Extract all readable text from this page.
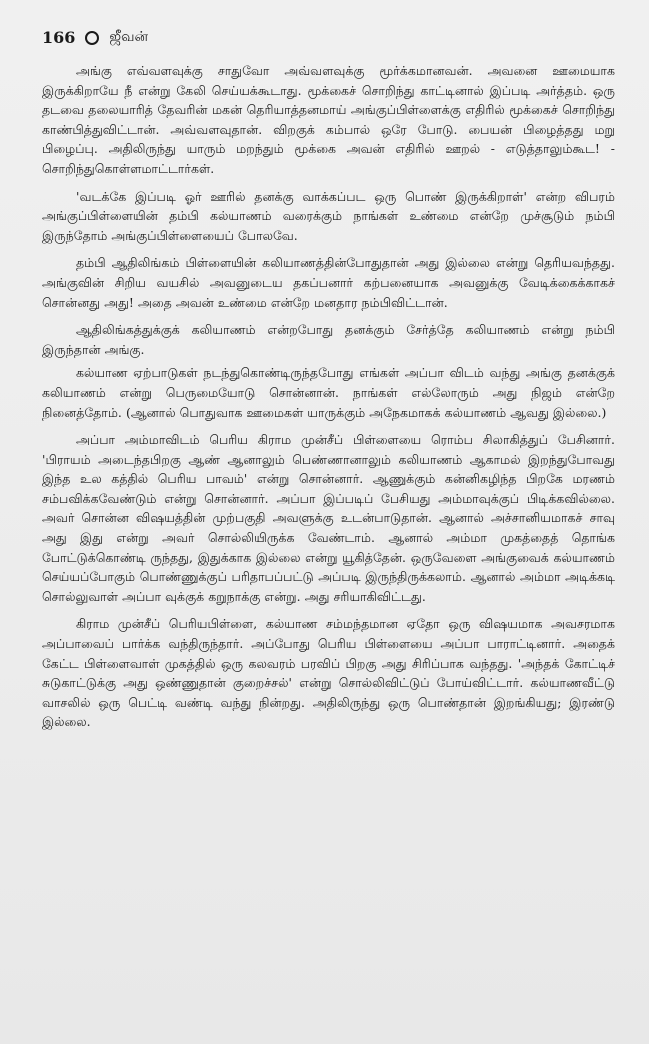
166 ஜீவன்

அங்கு எவ்வளவுக்கு சாதுவோ அவ்வளவுக்கு மூர்க்கமானவன். அவனை ஊமையாக இருக்கிறாயே நீ என்று கேலி செய்யக்கூடாது. மூக்கைச் சொறிந்து காட்டினால் இப்படி அர்த்தம். ஒரு தடவை தலையாரித் தேவரின் மகன் தெரியாத்தனமாய் அங்குப்பிள்ளைக்கு எதிரில் மூக்கைச் சொறிந்து காண்பித்துவிட்டான். அவ்வளவுதான். விறகுக் கம்பால் ஒரே போடு. பையன் பிழைத்தது மறு பிழைப்பு. அதிலிருந்து யாரும் மறந்தும் மூக்கை அவன் எதிரில் ஊறல் - எடுத்தாலும்கூட! - சொறிந்துகொள்ளமாட்டார்கள்.

'வடக்கே இப்படி ஓர் ஊரில் தனக்கு வாக்கப்பட ஒரு பொண் இருக்கிறாள்' என்ற விபரம் அங்குப்பிள்ளையின் தம்பி கல்யாணம் வரைக்கும் நாங்கள் உண்மை என்றே முச்சூடும் நம்பி இருந்தோம் அங்குப்பிள்ளையைப் போலவே.

தம்பி ஆதிலிங்கம் பிள்ளையின் கலியாணத்தின்போதுதான் அது இல்லை என்று தெரியவந்தது. அங்குவின் சிறிய வயசில் அவனுடைய தகப்பனார் கற்பனையாக அவனுக்கு வேடிக்கைக்காகச் சொன்னது அது! அதை அவன் உண்மை என்றே மனதார நம்பிவிட்டான்.

ஆதிலிங்கத்துக்குக் கலியாணம் என்றபோது தனக்கும் சேர்த்தே கலியாணம் என்று நம்பி இருந்தான் அங்கு.

கல்யாண ஏற்பாடுகள் நடந்துகொண்டிருந்தபோது எங்கள் அப்பா விடம் வந்து அங்கு தனக்குக் கலியாணம் என்று பெருமையோடு சொன்னான். நாங்கள் எல்லோரும் அது நிஜம் என்றே நினைத்தோம். (ஆனால் பொதுவாக ஊமைகள் யாருக்கும் அநேகமாகக் கல்யாணம் ஆவது இல்லை.)

அப்பா அம்மாவிடம் பெரிய கிராம முன்சீப் பிள்ளையை ரொம்ப சிலாகித்துப் பேசினார். 'பிராயம் அடைந்தபிறகு ஆண் ஆனாலும் பெண்ணானாலும் கலியாணம் ஆகாமல் இறந்துபோவது இந்த உல கத்தில் பெரிய பாவம்' என்று சொன்னார். ஆணுக்கும் கன்னிகழிந்த பிறகே மரணம் சம்பவிக்கவேண்டும் என்று சொன்னார். அப்பா இப்படிப் பேசியது அம்மாவுக்குப் பிடிக்கவில்லை. அவர் சொன்ன விஷயத்தின் முற்பகுதி அவளுக்கு உடன்பாடுதான். ஆனால் அச்சானியமாகச் சாவு அது இது என்று அவர் சொல்லியிருக்க வேண்டாம். ஆனால் அம்மா முகத்தைத் தொங்க போட்டுக்கொண்டி ருந்தது, இதுக்காக இல்லை என்று யூகித்தேன். ஒருவேளை அங்குவைக் கல்யாணம் செய்யப்போகும் பொண்ணுக்குப் பரிதாபப்பட்டு அப்படி இருந்திருக்கலாம். ஆனால் அம்மா அடிக்கடி சொல்லுவாள் அப்பா வுக்குக் கறுநாக்கு என்று. அது சரியாகிவிட்டது.

கிராம முன்சீப் பெரியபிள்ளை, கல்யாண சம்மந்தமான ஏதோ ஒரு விஷயமாக அவசரமாக அப்பாவைப் பார்க்க வந்திருந்தார். அப்போது பெரிய பிள்ளையை அப்பா பாராட்டினார். அதைக் கேட்ட பிள்ளைவாள் முகத்தில் ஒரு கலவரம் பரவிப் பிறகு அது சிரிப்பாக வந்தது. 'அந்தக் கோட்டிச் சுடுகாட்டுக்கு அது ஒண்ணுதான் குறைச்சல்' என்று சொல்லிவிட்டுப் போய்விட்டார். கல்யாணவீட்டு வாசலில் ஒரு பெட்டி வண்டி வந்து நின்றது. அதிலிருந்து ஒரு பொண்தான் இறங்கியது; இரண்டு இல்லை.
